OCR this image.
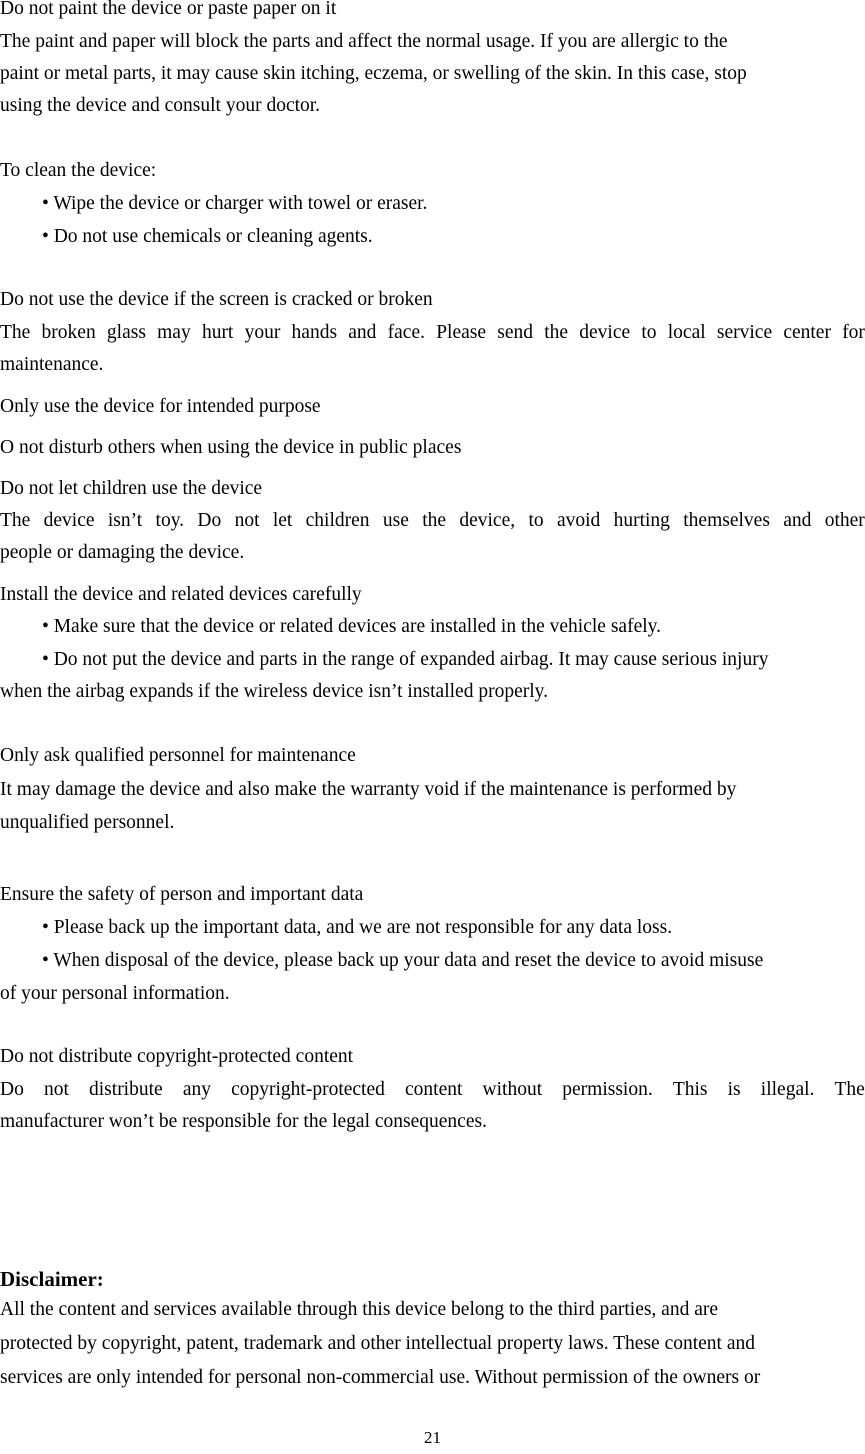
Do not paint the device or paste paper on it
The paint and paper will block the parts and affect the normal usage. If you are allergic to the
paint or metal parts, it may cause skin itching, eczema, or swelling of the skin. In this case, stop
using the device and consult your doctor.
To clean the device:
• Wipe the device or charger with towel or eraser.
• Do not use chemicals or cleaning agents.
Do not use the device if the screen is cracked or broken
The broken glass may hurt your hands and face. Please send the device to local service center for
maintenance.
Only use the device for intended purpose
O not disturb others when using the device in public places
Do not let children use the device
The device isn’t toy. Do not let children use the device, to avoid hurting themselves and other
people or damaging the device.
Install the device and related devices carefully
• Make sure that the device or related devices are installed in the vehicle safely.
• Do not put the device and parts in the range of expanded airbag. It may cause serious injury
when the airbag expands if the wireless device isn’t installed properly.
Only ask qualified personnel for maintenance
It may damage the device and also make the warranty void if the maintenance is performed by
unqualified personnel.
Ensure the safety of person and important data
• Please back up the important data, and we are not responsible for any data loss.
• When disposal of the device, please back up your data and reset the device to avoid misuse
of your personal information.
Do not distribute copyright-protected content
Do not distribute any copyright-protected content without permission. This is illegal. The
manufacturer won’t be responsible for the legal consequences.
Disclaimer:
All the content and services available through this device belong to the third parties, and are
protected by copyright, patent, trademark and other intellectual property laws. These content and
services are only intended for personal non-commercial use. Without permission of the owners or
21
